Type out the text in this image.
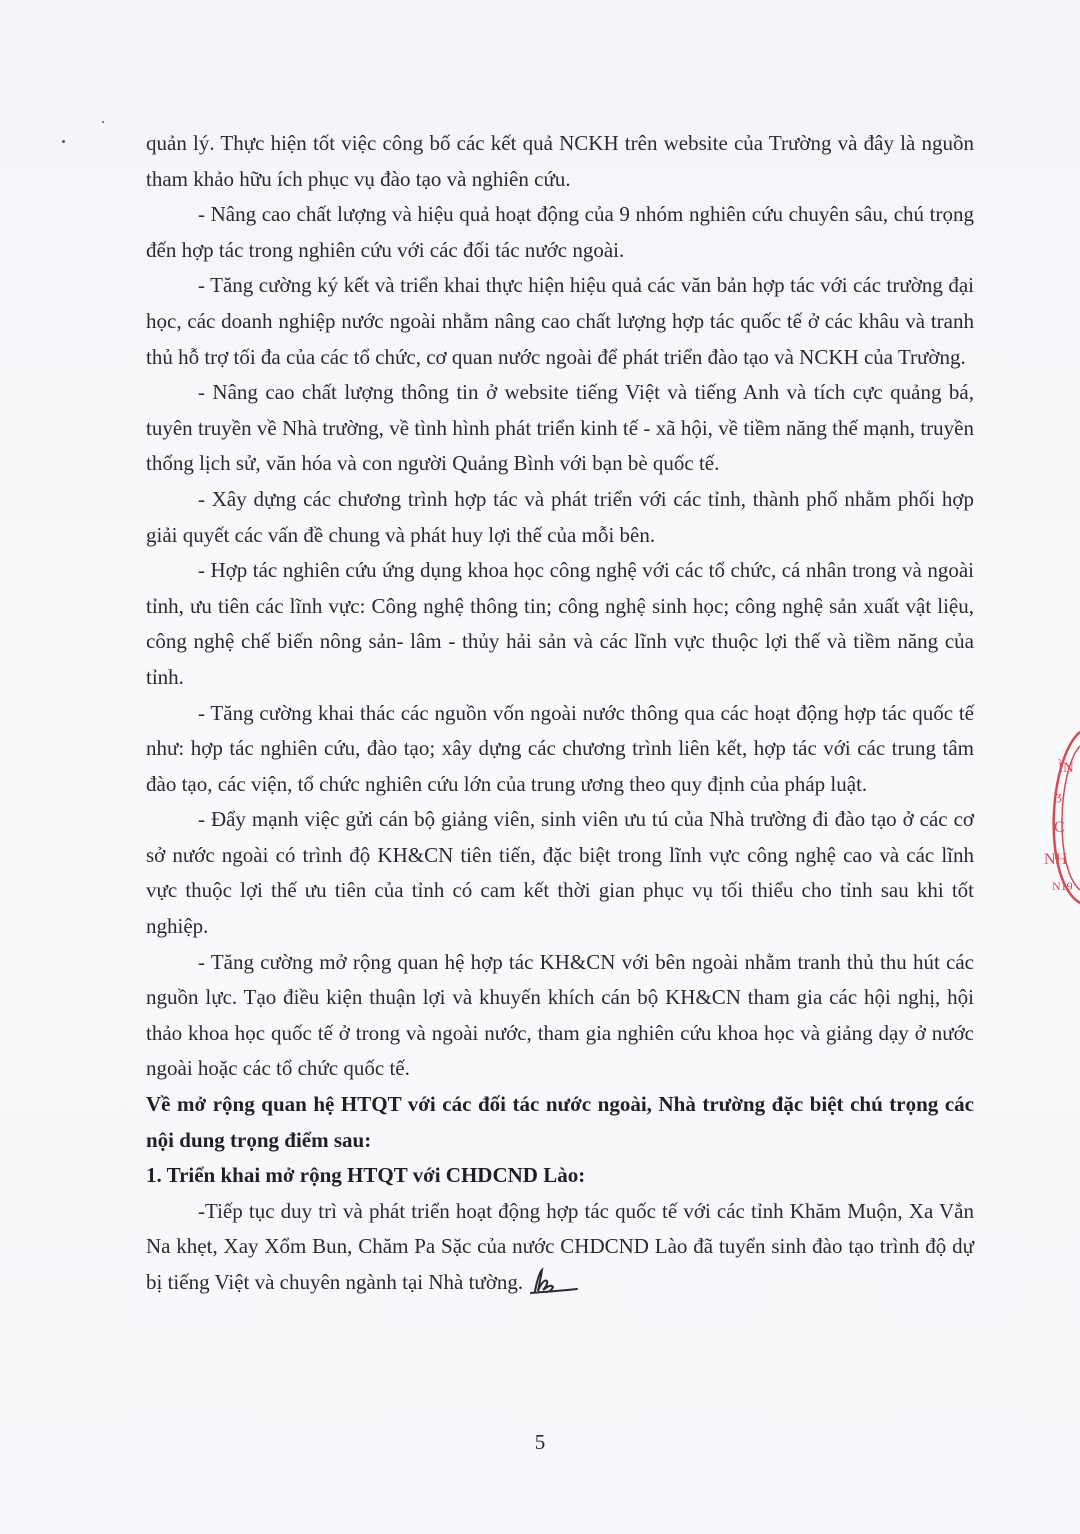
quản lý. Thực hiện tốt việc công bố các kết quả NCKH trên website của Trường và đây là nguồn tham khảo hữu ích phục vụ đào tạo và nghiên cứu.

- Nâng cao chất lượng và hiệu quả hoạt động của 9 nhóm nghiên cứu chuyên sâu, chú trọng đến hợp tác trong nghiên cứu với các đối tác nước ngoài.

- Tăng cường ký kết và triển khai thực hiện hiệu quả các văn bản hợp tác với các trường đại học, các doanh nghiệp nước ngoài nhằm nâng cao chất lượng hợp tác quốc tế ở các khâu và tranh thủ hỗ trợ tối đa của các tổ chức, cơ quan nước ngoài để phát triển đào tạo và NCKH của Trường.

- Nâng cao chất lượng thông tin ở website tiếng Việt và tiếng Anh và tích cực quảng bá, tuyên truyền về Nhà trường, về tình hình phát triển kinh tế - xã hội, về tiềm năng thế mạnh, truyền thống lịch sử, văn hóa và con người Quảng Bình với bạn bè quốc tế.

- Xây dựng các chương trình hợp tác và phát triển với các tỉnh, thành phố nhằm phối hợp giải quyết các vấn đề chung và phát huy lợi thế của mỗi bên.

- Hợp tác nghiên cứu ứng dụng khoa học công nghệ với các tổ chức, cá nhân trong và ngoài tỉnh, ưu tiên các lĩnh vực: Công nghệ thông tin; công nghệ sinh học; công nghệ sản xuất vật liệu, công nghệ chế biến nông sản- lâm - thủy hải sản và các lĩnh vực thuộc lợi thế và tiềm năng của tỉnh.

- Tăng cường khai thác các nguồn vốn ngoài nước thông qua các hoạt động hợp tác quốc tế như: hợp tác nghiên cứu, đào tạo; xây dựng các chương trình liên kết, hợp tác với các trung tâm đào tạo, các viện, tổ chức nghiên cứu lớn của trung ương theo quy định của pháp luật.

- Đẩy mạnh việc gửi cán bộ giảng viên, sinh viên ưu tú của Nhà trường đi đào tạo ở các cơ sở nước ngoài có trình độ KH&CN tiên tiến, đặc biệt trong lĩnh vực công nghệ cao và các lĩnh vực thuộc lợi thế ưu tiên của tỉnh có cam kết thời gian phục vụ tối thiểu cho tỉnh sau khi tốt nghiệp.

- Tăng cường mở rộng quan hệ hợp tác KH&CN với bên ngoài nhằm tranh thủ thu hút các nguồn lực. Tạo điều kiện thuận lợi và khuyến khích cán bộ KH&CN tham gia các hội nghị, hội thảo khoa học quốc tế ở trong và ngoài nước, tham gia nghiên cứu khoa học và giảng dạy ở nước ngoài hoặc các tổ chức quốc tế.

Về mở rộng quan hệ HTQT với các đối tác nước ngoài, Nhà trường đặc biệt chú trọng các nội dung trọng điểm sau:

1. Triển khai mở rộng HTQT với CHDCND Lào:

-Tiếp tục duy trì và phát triển hoạt động hợp tác quốc tế với các tỉnh Khăm Muộn, Xa Vẳn Na khẹt, Xay Xổm Bun, Chăm Pa Sặc của nước CHDCND Lào đã tuyển sinh đào tạo trình độ dự bị tiếng Việt và chuyên ngành tại Nhà tường.

5
ÌN
ʒ
C
NH
N19
